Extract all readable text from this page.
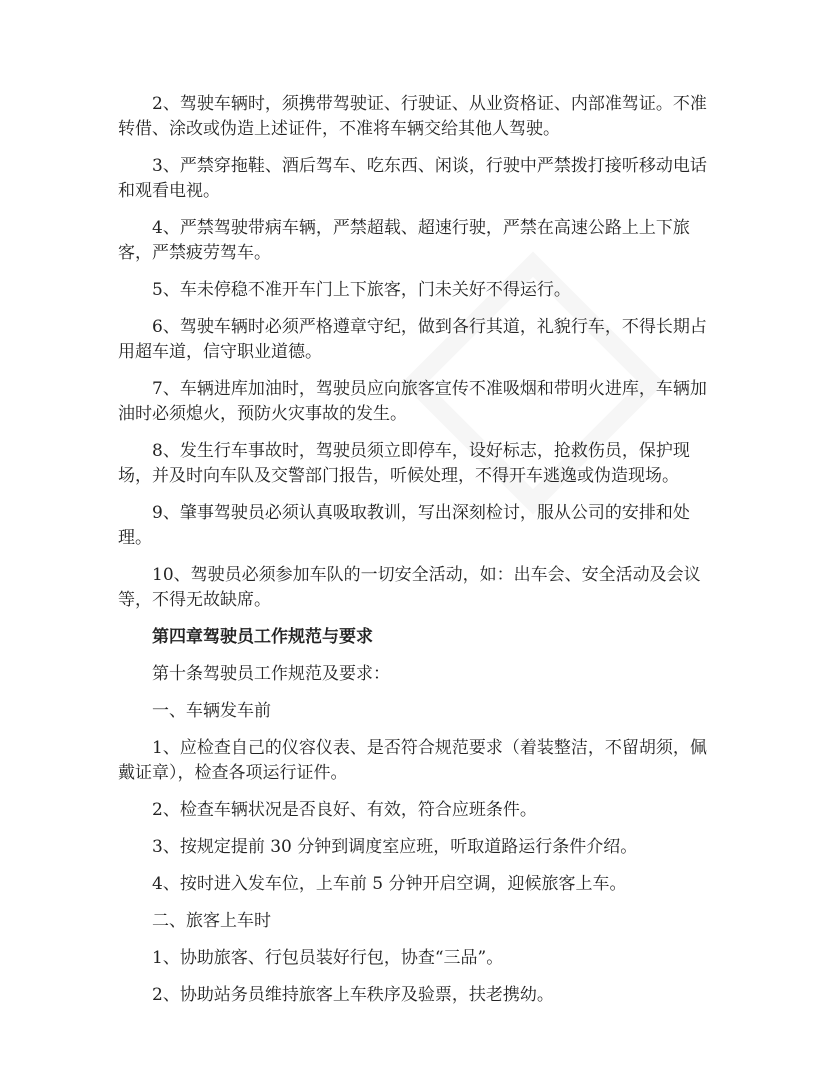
2、驾驶车辆时，须携带驾驶证、行驶证、从业资格证、内部准驾证。不准转借、涂改或伪造上述证件，不准将车辆交给其他人驾驶。

3、严禁穿拖鞋、酒后驾车、吃东西、闲谈，行驶中严禁拨打接听移动电话和观看电视。

4、严禁驾驶带病车辆，严禁超载、超速行驶，严禁在高速公路上上下旅客，严禁疲劳驾车。

5、车未停稳不准开车门上下旅客，门未关好不得运行。

6、驾驶车辆时必须严格遵章守纪，做到各行其道，礼貌行车，不得长期占用超车道，信守职业道德。

7、车辆进库加油时，驾驶员应向旅客宣传不准吸烟和带明火进库，车辆加油时必须熄火，预防火灾事故的发生。

8、发生行车事故时，驾驶员须立即停车，设好标志，抢救伤员，保护现场，并及时向车队及交警部门报告，听候处理，不得开车逃逸或伪造现场。

9、肇事驾驶员必须认真吸取教训，写出深刻检讨，服从公司的安排和处理。

10、驾驶员必须参加车队的一切安全活动，如：出车会、安全活动及会议等，不得无故缺席。

第四章驾驶员工作规范与要求

第十条驾驶员工作规范及要求：

一、车辆发车前

1、应检查自己的仪容仪表、是否符合规范要求（着装整洁，不留胡须，佩戴证章），检查各项运行证件。

2、检查车辆状况是否良好、有效，符合应班条件。

3、按规定提前 30 分钟到调度室应班，听取道路运行条件介绍。

4、按时进入发车位，上车前 5 分钟开启空调，迎候旅客上车。

二、旅客上车时

1、协助旅客、行包员装好行包，协查“三品”。

2、协助站务员维持旅客上车秩序及验票，扶老携幼。
